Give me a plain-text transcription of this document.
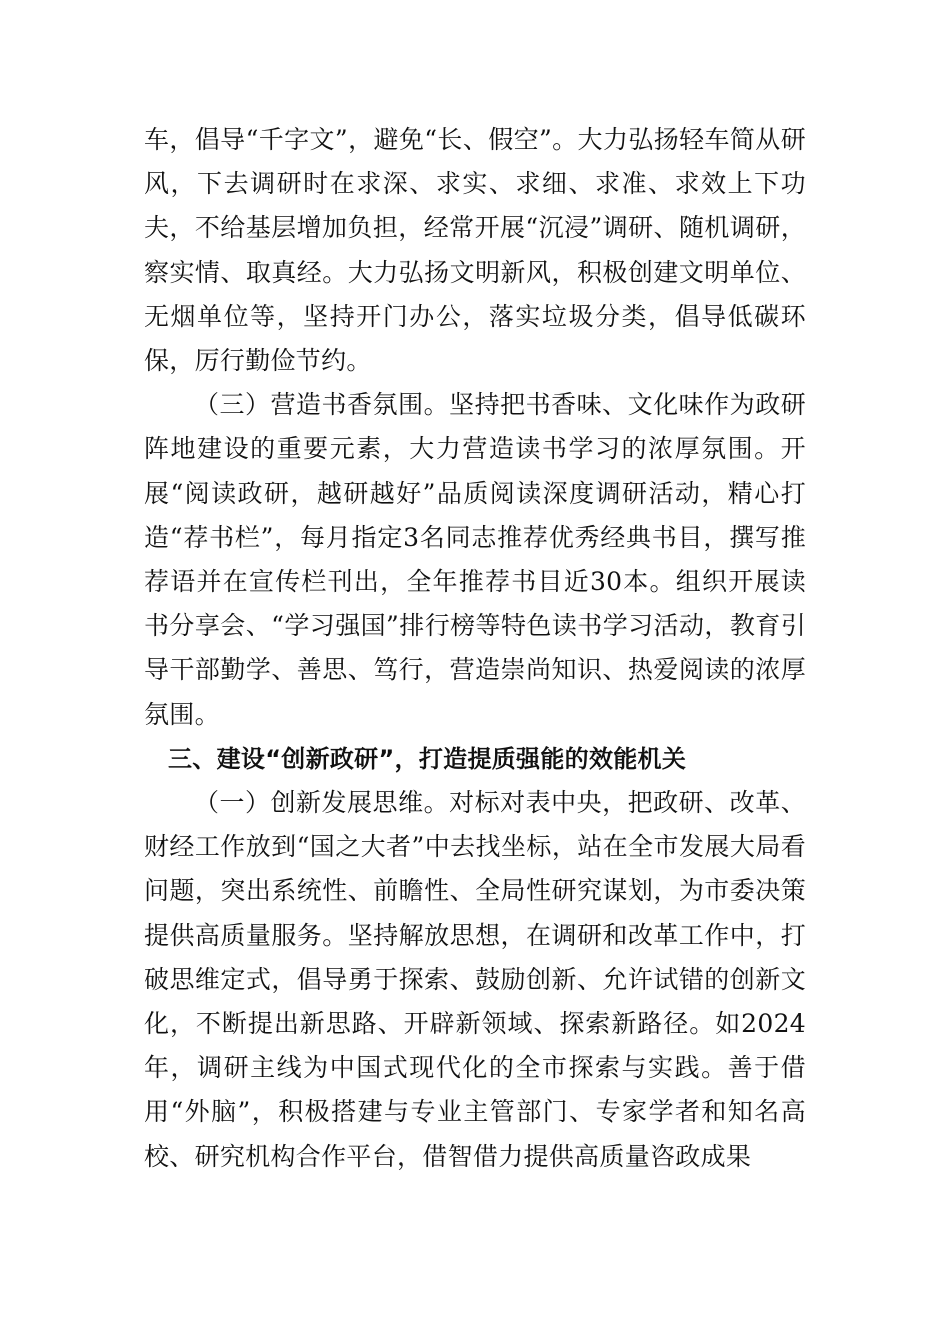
车，倡导“千字文”，避免“长、假空”。大力弘扬轻车简从研风，下去调研时在求深、求实、求细、求准、求效上下功夫，不给基层增加负担，经常开展“沉浸”调研、随机调研，察实情、取真经。大力弘扬文明新风，积极创建文明单位、无烟单位等，坚持开门办公，落实垃圾分类，倡导低碳环保，厉行勤俭节约。

（三）营造书香氛围。坚持把书香味、文化味作为政研阵地建设的重要元素，大力营造读书学习的浓厚氛围。开展“阅读政研，越研越好”品质阅读深度调研活动，精心打造“荐书栏”，每月指定3名同志推荐优秀经典书目，撰写推荐语并在宣传栏刊出，全年推荐书目近30本。组织开展读书分享会、“学习强国”排行榜等特色读书学习活动，教育引导干部勤学、善思、笃行，营造崇尚知识、热爱阅读的浓厚氛围。

三、建设“创新政研”，打造提质强能的效能机关

（一）创新发展思维。对标对表中央，把政研、改革、财经工作放到“国之大者”中去找坐标，站在全市发展大局看问题，突出系统性、前瞻性、全局性研究谋划，为市委决策提供高质量服务。坚持解放思想，在调研和改革工作中，打破思维定式，倡导勇于探索、鼓励创新、允许试错的创新文化，不断提出新思路、开辟新领域、探索新路径。如2024年，调研主线为中国式现代化的全市探索与实践。善于借用“外脑”，积极搭建与专业主管部门、专家学者和知名高校、研究机构合作平台，借智借力提供高质量咨政成果
